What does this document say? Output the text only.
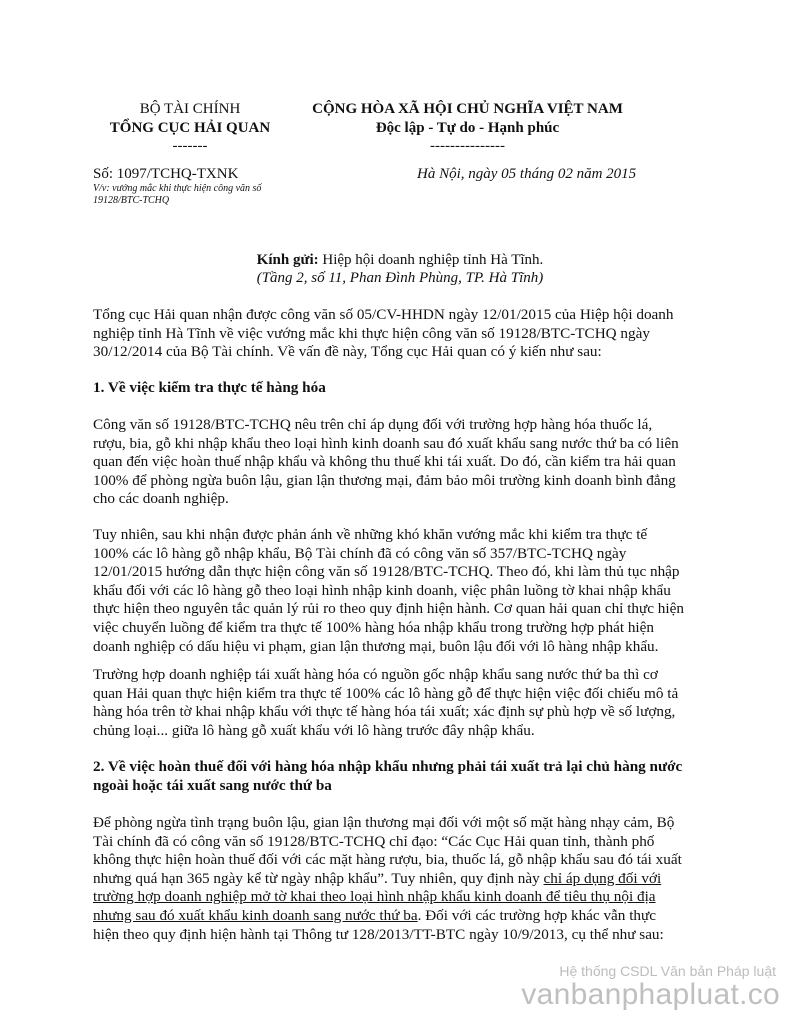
BỘ TÀI CHÍNH
TỔNG CỤC HẢI QUAN
-------
Số: 1097/TCHQ-TXNK
V/v: vướng mắc khi thực hiện công văn số
19128/BTC-TCHQ
CỘNG HÒA XÃ HỘI CHỦ NGHĨA VIỆT NAM
Độc lập - Tự do - Hạnh phúc
---------------
Hà Nội, ngày 05 tháng 02 năm 2015
Kính gửi: Hiệp hội doanh nghiệp tỉnh Hà Tĩnh.
(Tầng 2, số 11, Phan Đình Phùng, TP. Hà Tĩnh)
Tổng cục Hải quan nhận được công văn số 05/CV-HHDN ngày 12/01/2015 của Hiệp hội doanh
nghiệp tỉnh Hà Tĩnh về việc vướng mắc khi thực hiện công văn số 19128/BTC-TCHQ ngày
30/12/2014 của Bộ Tài chính. Về vấn đề này, Tổng cục Hải quan có ý kiến như sau:
1. Về việc kiểm tra thực tế hàng hóa
Công văn số 19128/BTC-TCHQ nêu trên chỉ áp dụng đối với trường hợp hàng hóa thuốc lá,
rượu, bia, gỗ khi nhập khẩu theo loại hình kinh doanh sau đó xuất khẩu sang nước thứ ba có liên
quan đến việc hoàn thuế nhập khẩu và không thu thuế khi tái xuất. Do đó, cần kiểm tra hải quan
100% để phòng ngừa buôn lậu, gian lận thương mại, đảm bảo môi trường kinh doanh bình đẳng
cho các doanh nghiệp.
Tuy nhiên, sau khi nhận được phản ánh về những khó khăn vướng mắc khi kiểm tra thực tế
100% các lô hàng gỗ nhập khẩu, Bộ Tài chính đã có công văn số 357/BTC-TCHQ ngày
12/01/2015 hướng dẫn thực hiện công văn số 19128/BTC-TCHQ. Theo đó, khi làm thủ tục nhập
khẩu đối với các lô hàng gỗ theo loại hình nhập kinh doanh, việc phân luồng tờ khai nhập khẩu
thực hiện theo nguyên tắc quản lý rủi ro theo quy định hiện hành. Cơ quan hải quan chỉ thực hiện
việc chuyển luồng để kiểm tra thực tế 100% hàng hóa nhập khẩu trong trường hợp phát hiện
doanh nghiệp có dấu hiệu vi phạm, gian lận thương mại, buôn lậu đối với lô hàng nhập khẩu.
Trường hợp doanh nghiệp tái xuất hàng hóa có nguồn gốc nhập khẩu sang nước thứ ba thì cơ
quan Hải quan thực hiện kiểm tra thực tế 100% các lô hàng gỗ để thực hiện việc đối chiếu mô tả
hàng hóa trên tờ khai nhập khẩu với thực tế hàng hóa tái xuất; xác định sự phù hợp về số lượng,
chủng loại... giữa lô hàng gỗ xuất khẩu với lô hàng trước đây nhập khẩu.
2. Về việc hoàn thuế đối với hàng hóa nhập khẩu nhưng phải tái xuất trả lại chủ hàng nước
ngoài hoặc tái xuất sang nước thứ ba
Để phòng ngừa tình trạng buôn lậu, gian lận thương mại đối với một số mặt hàng nhạy cảm, Bộ
Tài chính đã có công văn số 19128/BTC-TCHQ chỉ đạo: “Các Cục Hải quan tỉnh, thành phố
không thực hiện hoàn thuế đối với các mặt hàng rượu, bia, thuốc lá, gỗ nhập khẩu sau đó tái xuất
nhưng quá hạn 365 ngày kể từ ngày nhập khẩu”. Tuy nhiên, quy định này chỉ áp dụng đối với
trường hợp doanh nghiệp mở tờ khai theo loại hình nhập khẩu kinh doanh để tiêu thụ nội địa
nhưng sau đó xuất khẩu kinh doanh sang nước thứ ba. Đối với các trường hợp khác vẫn thực
hiện theo quy định hiện hành tại Thông tư 128/2013/TT-BTC ngày 10/9/2013, cụ thể như sau:
Hệ thống CSDL Văn bản Pháp luật
vanbanphapluat.co
